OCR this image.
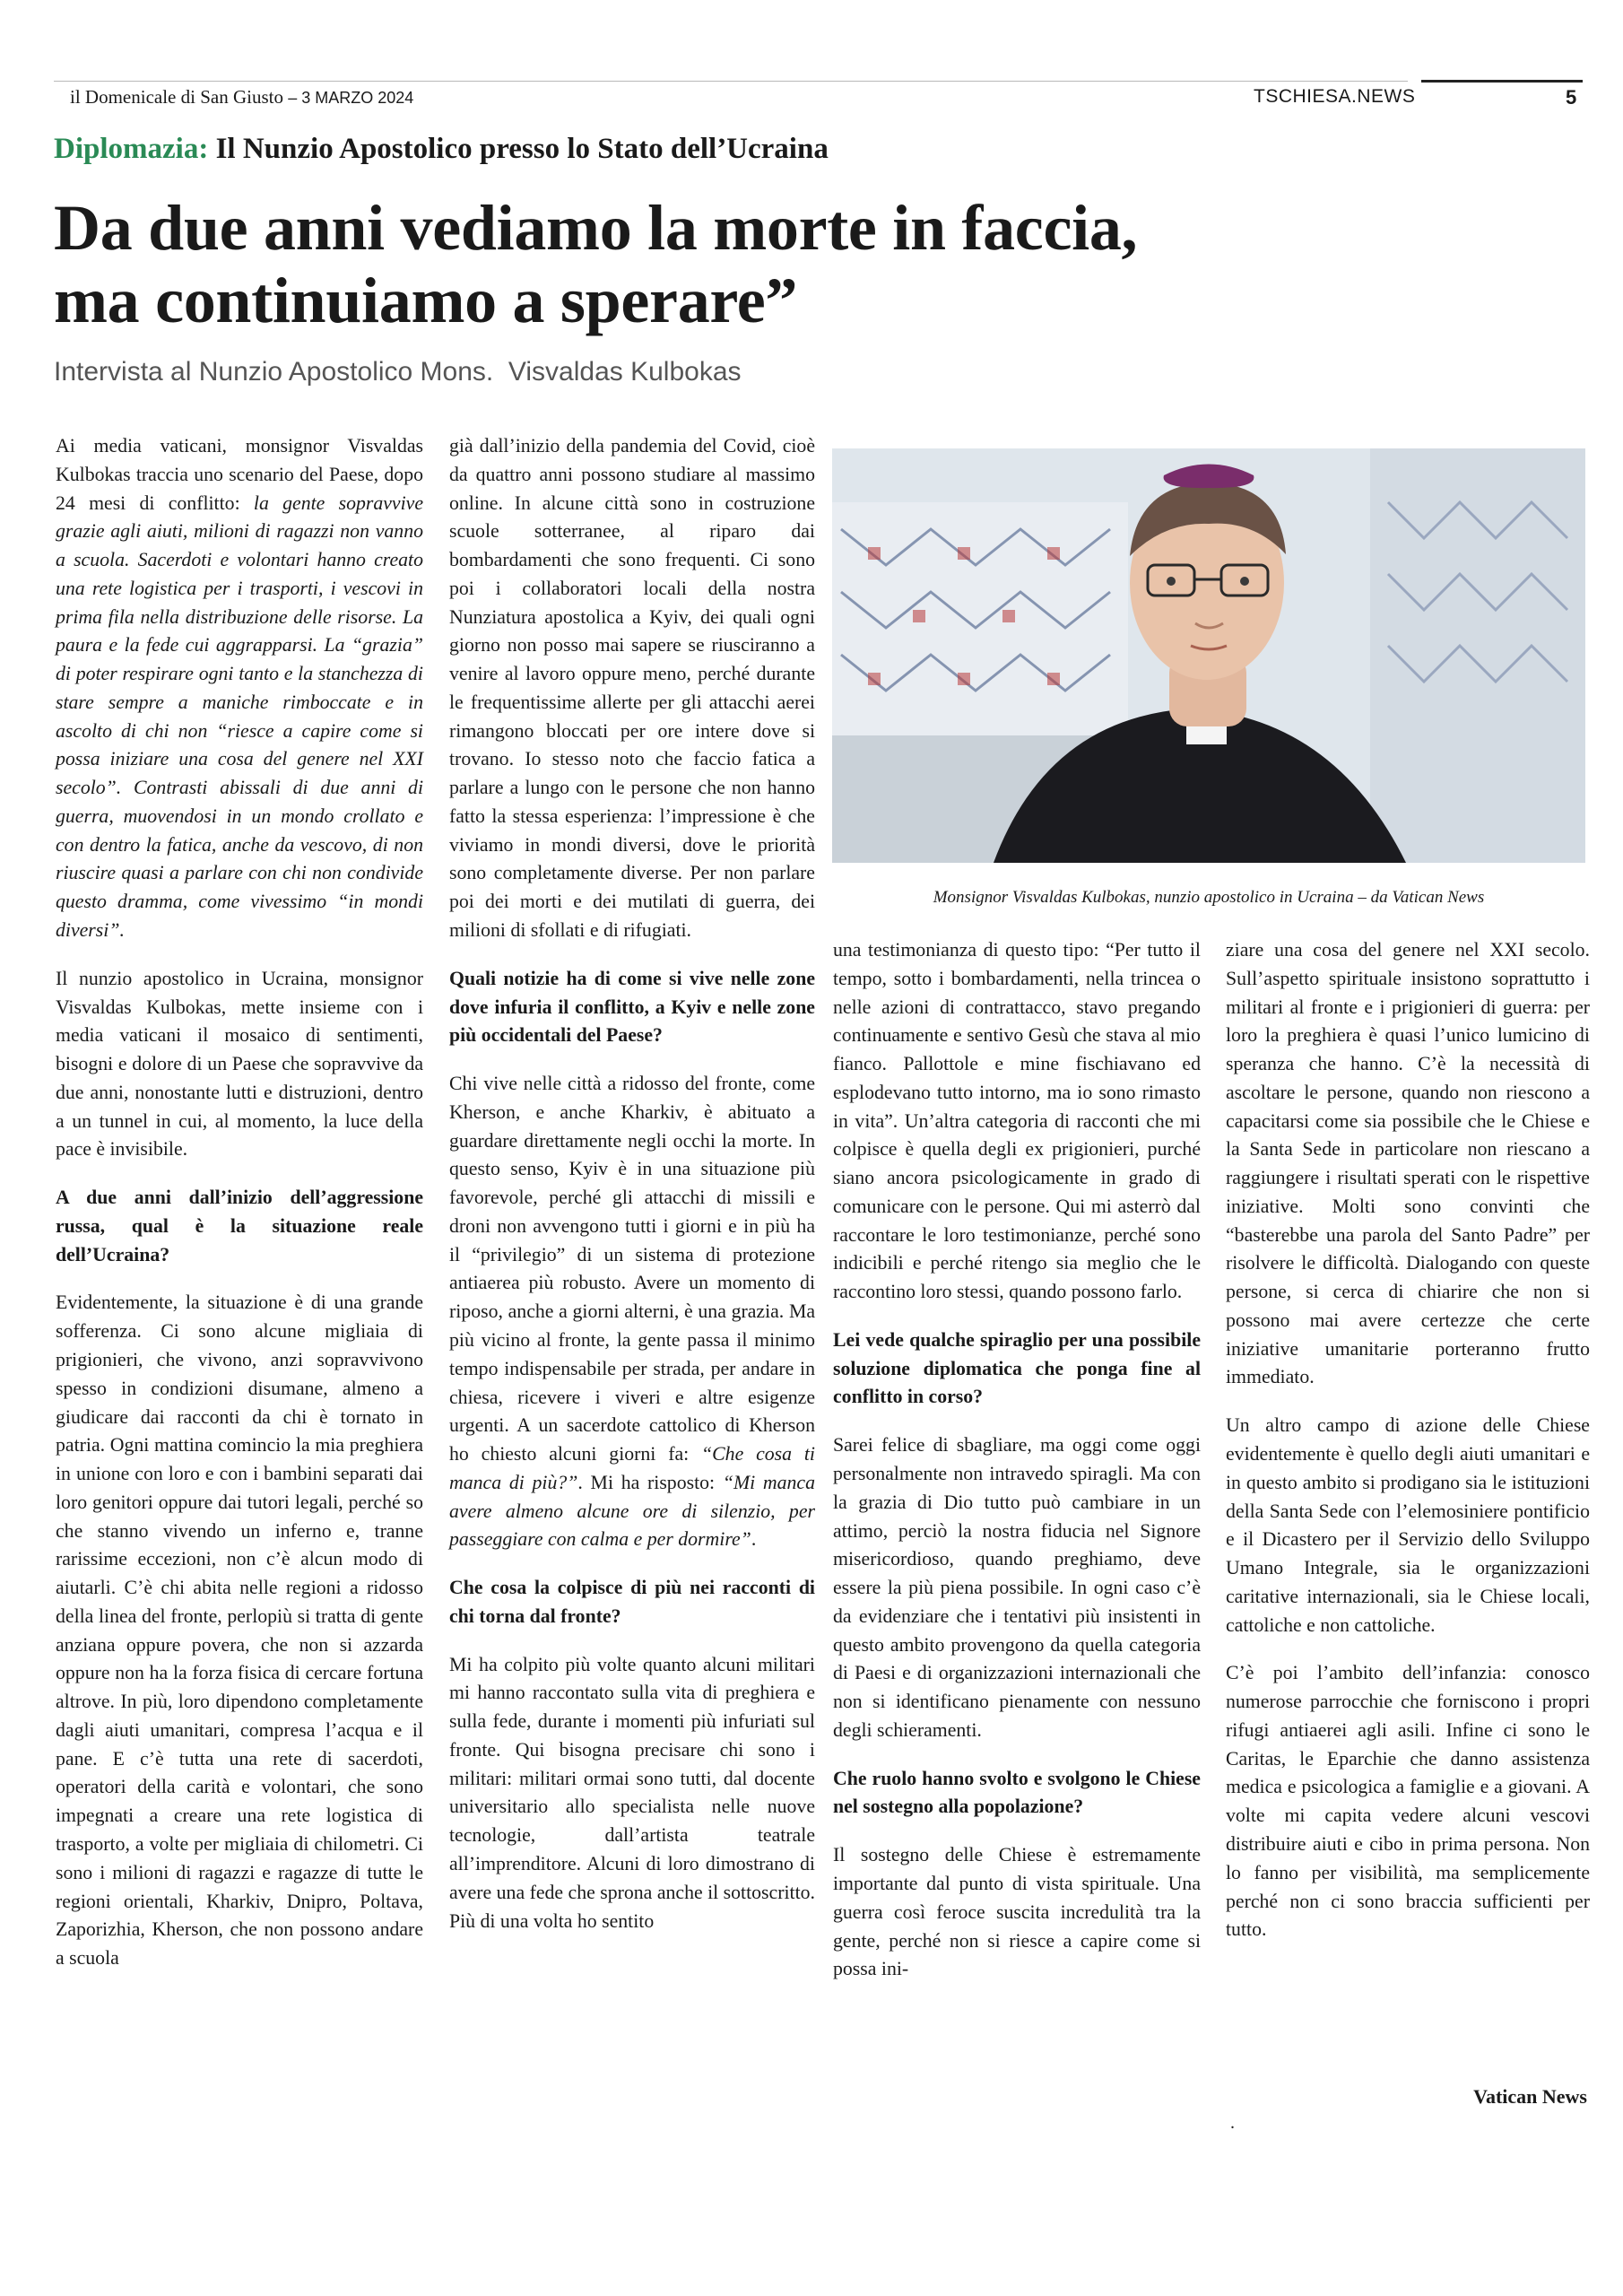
il Domenicale di San Giusto – 3 MARZO 2024	TSCHIESA.NEWS	5
Diplomazia: Il Nunzio Apostolico presso lo Stato dell’Ucraina
Da due anni vediamo la morte in faccia,
ma continuiamo a sperare”
Intervista al Nunzio Apostolico Mons.  Visvaldas Kulbokas

Ai media vaticani, monsignor Visvaldas Kulbokas traccia uno scenario del Paese, dopo 24 mesi di conflitto: la gente sopravvive grazie agli aiuti, milioni di ragazzi non vanno a scuola. Sacerdoti e volontari hanno creato una rete logistica per i trasporti, i vescovi in prima fila nella distribuzione delle risorse. La paura e la fede cui aggrapparsi. La “grazia” di poter respirare ogni tanto e la stanchezza di stare sempre a maniche rimboccate e in ascolto di chi non “riesce a capire come si possa iniziare una cosa del genere nel XXI secolo”. Contrasti abissali di due anni di guerra, muovendosi in un mondo crollato e con dentro la fatica, anche da vescovo, di non riuscire quasi a parlare con chi non condivide questo dramma, come vivessimo “in mondi diversi”.

Il nunzio apostolico in Ucraina, monsignor Visvaldas Kulbokas, mette insieme con i media vaticani il mosaico di sentimenti, bisogni e dolore di un Paese che sopravvive da due anni, nonostante lutti e distruzioni, dentro a un tunnel in cui, al momento, la luce della pace è invisibile.

A due anni dall’inizio dell’aggressione russa, qual è la situazione reale dell’Ucraina?

Evidentemente, la situazione è di una grande sofferenza. Ci sono alcune migliaia di prigionieri, che vivono, anzi sopravvivono spesso in condizioni disumane, almeno a giudicare dai racconti da chi è tornato in patria. Ogni mattina comincio la mia preghiera in unione con loro e con i bambini separati dai loro genitori oppure dai tutori legali, perché so che stanno vivendo un inferno e, tranne rarissime eccezioni, non c’è alcun modo di aiutarli. C’è chi abita nelle regioni a ridosso della linea del fronte, perlopiù si tratta di gente anziana oppure povera, che non si azzarda oppure non ha la forza fisica di cercare fortuna altrove. In più, loro dipendono completamente dagli aiuti umanitari, compresa l’acqua e il pane. E c’è tutta una rete di sacerdoti, operatori della carità e volontari, che sono impegnati a creare una rete logistica di trasporto, a volte per migliaia di chilometri. Ci sono i milioni di ragazzi e ragazze di tutte le regioni orientali, Kharkiv, Dnipro, Poltava, Zaporizhia, Kherson, che non possono andare a scuola

già dall’inizio della pandemia del Covid, cioè da quattro anni possono studiare al massimo online. In alcune città sono in costruzione scuole sotterranee, al riparo dai bombardamenti che sono frequenti. Ci sono poi i collaboratori locali della nostra Nunziatura apostolica a Kyiv, dei quali ogni giorno non posso mai sapere se riusciranno a venire al lavoro oppure meno, perché durante le frequentissime allerte per gli attacchi aerei rimangono bloccati per ore intere dove si trovano. Io stesso noto che faccio fatica a parlare a lungo con le persone che non hanno fatto la stessa esperienza: l’impressione è che viviamo in mondi diversi, dove le priorità sono completamente diverse. Per non parlare poi dei morti e dei mutilati di guerra, dei milioni di sfollati e di rifugiati.

Quali notizie ha di come si vive nelle zone dove infuria il conflitto, a Kyiv e nelle zone più occidentali del Paese?

Chi vive nelle città a ridosso del fronte, come Kherson, e anche Kharkiv, è abituato a guardare direttamente negli occhi la morte. In questo senso, Kyiv è in una situazione più favorevole, perché gli attacchi di missili e droni non avvengono tutti i giorni e in più ha il “privilegio” di un sistema di protezione antiaerea più robusto. Avere un momento di riposo, anche a giorni alterni, è una grazia. Ma più vicino al fronte, la gente passa il minimo tempo indispensabile per strada, per andare in chiesa, ricevere i viveri e altre esigenze urgenti. A un sacerdote cattolico di Kherson ho chiesto alcuni giorni fa: “Che cosa ti manca di più?”. Mi ha risposto: “Mi manca avere almeno alcune ore di silenzio, per passeggiare con calma e per dormire”.

Che cosa la colpisce di più nei racconti di chi torna dal fronte?

Mi ha colpito più volte quanto alcuni militari mi hanno raccontato sulla vita di preghiera e sulla fede, durante i momenti più infuriati sul fronte. Qui bisogna precisare chi sono i militari: militari ormai sono tutti, dal docente universitario allo specialista nelle nuove tecnologie, dall’artista teatrale all’imprenditore. Alcuni di loro dimostrano di avere una fede che sprona anche il sottoscritto. Più di una volta ho sentito

Monsignor Visvaldas Kulbokas, nunzio apostolico in Ucraina – da Vatican News

una testimonianza di questo tipo: “Per tutto il tempo, sotto i bombardamenti, nella trincea o nelle azioni di contrattacco, stavo pregando continuamente e sentivo Gesù che stava al mio fianco. Pallottole e mine fischiavano ed esplodevano tutto intorno, ma io sono rimasto in vita”. Un’altra categoria di racconti che mi colpisce è quella degli ex prigionieri, purché siano ancora psicologicamente in grado di comunicare con le persone. Qui mi asterrò dal raccontare le loro testimonianze, perché sono indicibili e perché ritengo sia meglio che le raccontino loro stessi, quando possono farlo.

Lei vede qualche spiraglio per una possibile soluzione diplomatica che ponga fine al conflitto in corso?

Sarei felice di sbagliare, ma oggi come oggi personalmente non intravedo spiragli. Ma con la grazia di Dio tutto può cambiare in un attimo, perciò la nostra fiducia nel Signore misericordioso, quando preghiamo, deve essere la più piena possibile. In ogni caso c’è da evidenziare che i tentativi più insistenti in questo ambito provengono da quella categoria di Paesi e di organizzazioni internazionali che non si identificano pienamente con nessuno degli schieramenti.

Che ruolo hanno svolto e svolgono le Chiese nel sostegno alla popolazione?

Il sostegno delle Chiese è estremamente importante dal punto di vista spirituale. Una guerra così feroce suscita incredulità tra la gente, perché non si riesce a capire come si possa ini-

ziare una cosa del genere nel XXI secolo. Sull’aspetto spirituale insistono soprattutto i militari al fronte e i prigionieri di guerra: per loro la preghiera è quasi l’unico lumicino di speranza che hanno. C’è la necessità di ascoltare le persone, quando non riescono a capacitarsi come sia possibile che le Chiese e la Santa Sede in particolare non riescano a raggiungere i risultati sperati con le rispettive iniziative. Molti sono convinti che “basterebbe una parola del Santo Padre” per risolvere le difficoltà. Dialogando con queste persone, si cerca di chiarire che non si possono mai avere certezze che certe iniziative umanitarie porteranno frutto immediato.

Un altro campo di azione delle Chiese evidentemente è quello degli aiuti umanitari e in questo ambito si prodigano sia le istituzioni della Santa Sede con l’elemosiniere pontificio e il Dicastero per il Servizio dello Sviluppo Umano Integrale, sia le organizzazioni caritative internazionali, sia le Chiese locali, cattoliche e non cattoliche.

C’è poi l’ambito dell’infanzia: conosco numerose parrocchie che forniscono i propri rifugi antiaerei agli asili. Infine ci sono le Caritas, le Eparchie che danno assistenza medica e psicologica a famiglie e a giovani. A volte mi capita vedere alcuni vescovi distribuire aiuti e cibo in prima persona. Non lo fanno per visibilità, ma semplicemente perché non ci sono braccia sufficienti per tutto.

Vatican News
.
